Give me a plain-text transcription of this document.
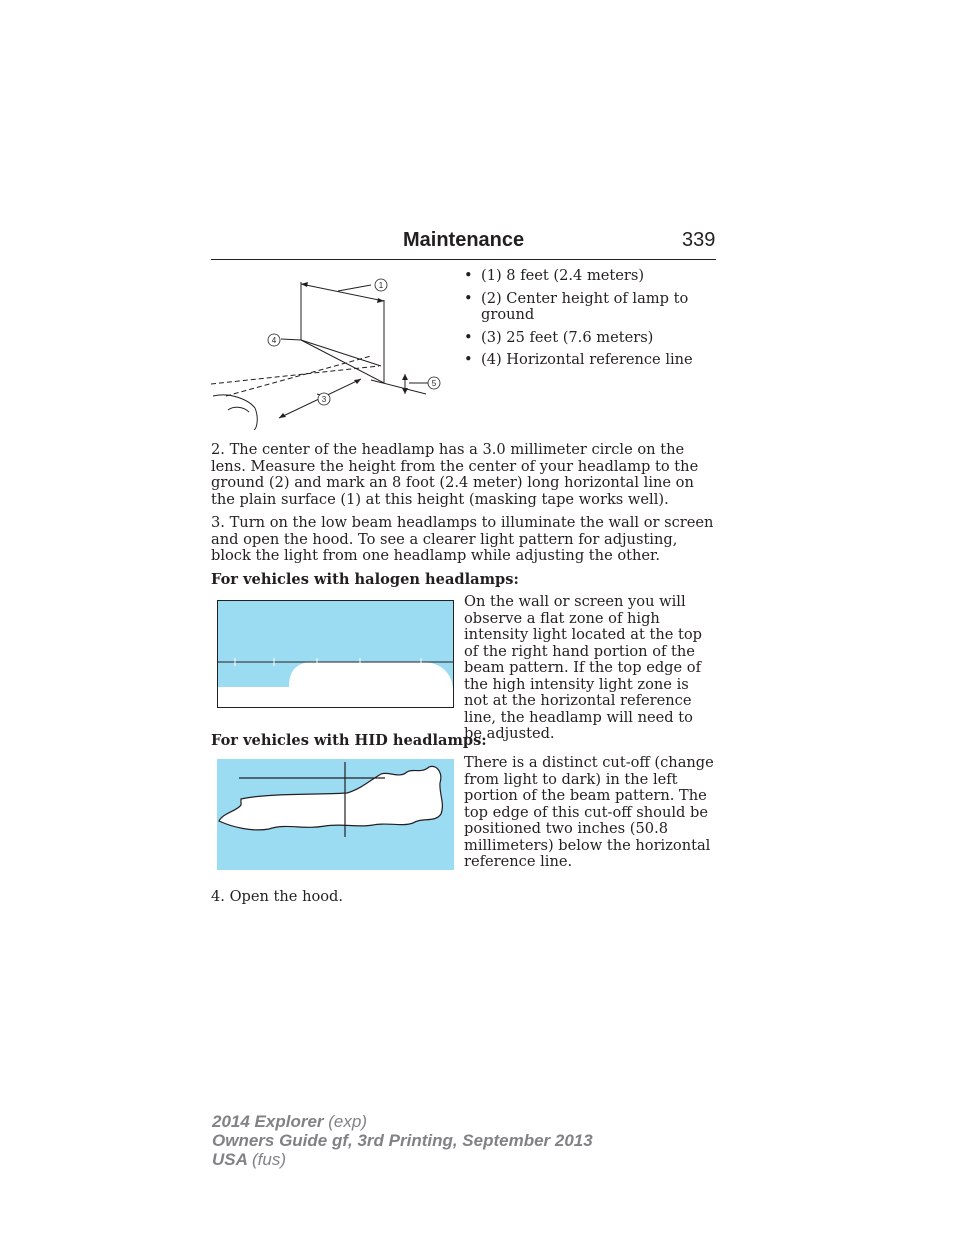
Maintenance	339
1
4
3
5
• (1) 8 feet (2.4 meters)
• (2) Center height of lamp to ground
• (3) 25 feet (7.6 meters)
• (4) Horizontal reference line

2. The center of the headlamp has a 3.0 millimeter circle on the lens. Measure the height from the center of your headlamp to the ground (2) and mark an 8 foot (2.4 meter) long horizontal line on the plain surface (1) at this height (masking tape works well).

3. Turn on the low beam headlamps to illuminate the wall or screen and open the hood. To see a clearer light pattern for adjusting, block the light from one headlamp while adjusting the other.

For vehicles with halogen headlamps:

On the wall or screen you will observe a flat zone of high intensity light located at the top of the right hand portion of the beam pattern. If the top edge of the high intensity light zone is not at the horizontal reference line, the headlamp will need to be adjusted.

For vehicles with HID headlamps:

There is a distinct cut-off (change from light to dark) in the left portion of the beam pattern. The top edge of this cut-off should be positioned two inches (50.8 millimeters) below the horizontal reference line.

4. Open the hood.

2014 Explorer (exp)
Owners Guide gf, 3rd Printing, September 2013
USA (fus)
